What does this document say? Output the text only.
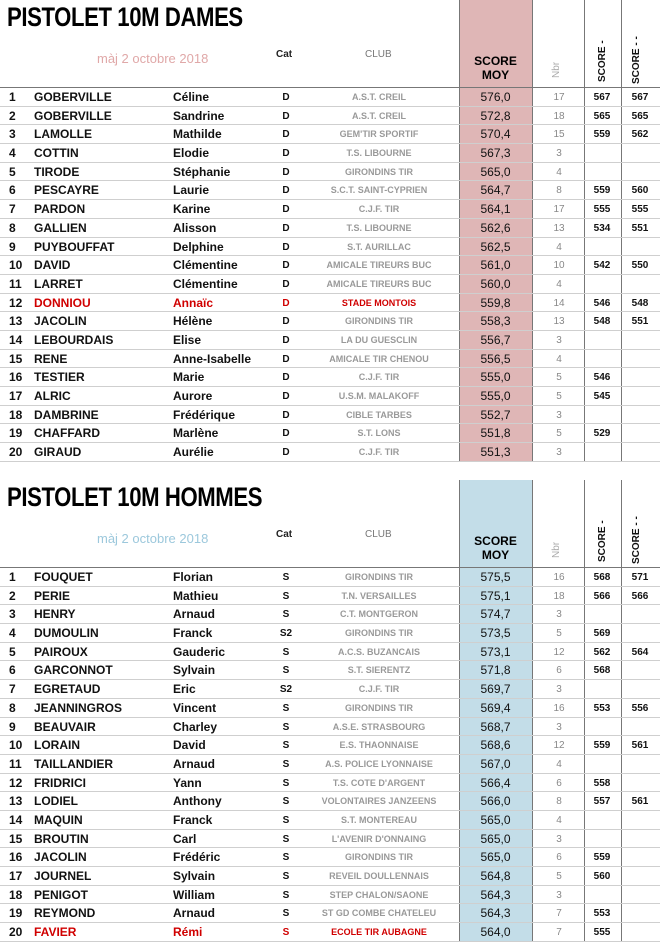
PISTOLET 10M DAMES
màj 2 octobre 2018	Cat	CLUB	SCORE MOY	Nbr	SCORE - SCORE - -
1 GOBERVILLE	Céline	D	A.S.T. CREIL	576,0	17	567	567
2 GOBERVILLE	Sandrine	D	A.S.T. CREIL	572,8	18	565	565
3 LAMOLLE	Mathilde	D	GEM'TIR SPORTIF	570,4	15	559	562
4 COTTIN	Elodie	D	T.S. LIBOURNE	567,3	3
5 TIRODE	Stéphanie	D	GIRONDINS TIR	565,0	4
6 PESCAYRE	Laurie	D	S.C.T. SAINT-CYPRIEN	564,7	8	559	560
7 PARDON	Karine	D	C.J.F. TIR	564,1	17	555	555
8 GALLIEN	Alisson	D	T.S. LIBOURNE	562,6	13	534	551
9 PUYBOUFFAT	Delphine	D	S.T. AURILLAC	562,5	4
10 DAVID	Clémentine	D	AMICALE TIREURS BUC	561,0	10	542	550
11 LARRET	Clémentine	D	AMICALE TIREURS BUC	560,0	4
12 DONNIOU	Annaïc	D	STADE MONTOIS	559,8	14	546	548
13 JACOLIN	Hélène	D	GIRONDINS TIR	558,3	13	548	551
14 LEBOURDAIS	Elise	D	LA DU GUESCLIN	556,7	3
15 RENE	Anne-Isabelle	D	AMICALE TIR CHENOU	556,5	4
16 TESTIER	Marie	D	C.J.F. TIR	555,0	5	546
17 ALRIC	Aurore	D	U.S.M. MALAKOFF	555,0	5	545
18 DAMBRINE	Frédérique	D	CIBLE TARBES	552,7	3
19 CHAFFARD	Marlène	D	S.T. LONS	551,8	5	529
20 GIRAUD	Aurélie	D	C.J.F. TIR	551,3	3
PISTOLET 10M HOMMES
màj 2 octobre 2018	Cat	CLUB	SCORE MOY	Nbr	SCORE - SCORE - -
1 FOUQUET	Florian	S	GIRONDINS TIR	575,5	16	568	571
2 PERIE	Mathieu	S	T.N. VERSAILLES	575,1	18	566	566
3 HENRY	Arnaud	S	C.T. MONTGERON	574,7	3
4 DUMOULIN	Franck	S2	GIRONDINS TIR	573,5	5	569
5 PAIROUX	Gauderic	S	A.C.S. BUZANCAIS	573,1	12	562	564
6 GARCONNOT	Sylvain	S	S.T. SIERENTZ	571,8	6	568
7 EGRETAUD	Eric	S2	C.J.F. TIR	569,7	3
8 JEANNINGROS	Vincent	S	GIRONDINS TIR	569,4	16	553	556
9 BEAUVAIR	Charley	S	A.S.E. STRASBOURG	568,7	3
10 LORAIN	David	S	E.S. THAONNAISE	568,6	12	559	561
11 TAILLANDIER	Arnaud	S	A.S. POLICE LYONNAISE	567,0	4
12 FRIDRICI	Yann	S	T.S. COTE D'ARGENT	566,4	6	558
13 LODIEL	Anthony	S	VOLONTAIRES JANZEENS	566,0	8	557	561
14 MAQUIN	Franck	S	S.T. MONTEREAU	565,0	4
15 BROUTIN	Carl	S	L'AVENIR D'ONNAING	565,0	3
16 JACOLIN	Frédéric	S	GIRONDINS TIR	565,0	6	559
17 JOURNEL	Sylvain	S	REVEIL DOULLENNAIS	564,8	5	560
18 PENIGOT	William	S	STEP CHALON/SAONE	564,3	3
19 REYMOND	Arnaud	S	ST GD COMBE CHATELEU	564,3	7	553
20 FAVIER	Rémi	S	ECOLE TIR AUBAGNE	564,0	7	555
